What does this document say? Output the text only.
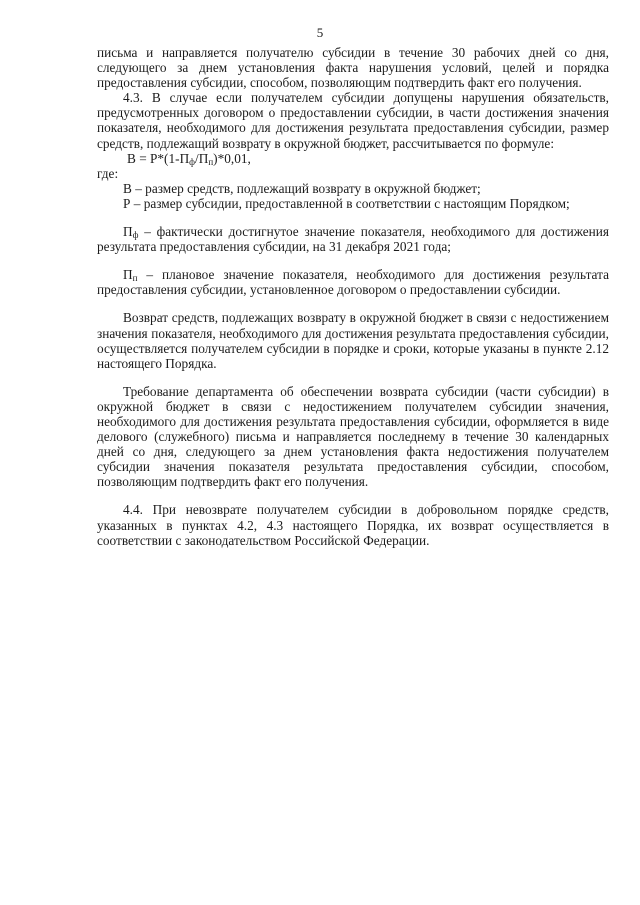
5

письма и направляется получателю субсидии в течение 30 рабочих дней со дня, следующего за днем установления факта нарушения условий, целей и порядка предоставления субсидии, способом, позволяющим подтвердить факт его получения.

4.3. В случае если получателем субсидии допущены нарушения обязательств, предусмотренных договором о предоставлении субсидии, в части достижения значения показателя, необходимого для достижения результата предоставления субсидии, размер средств, подлежащий возврату в окружной бюджет, рассчитывается по формуле:

$В = Р*(1-П_ф/П_п)*0,01$,

где:

В – размер средств, подлежащий возврату в окружной бюджет;

Р – размер субсидии, предоставленной в соответствии с настоящим Порядком;

$П_ф$ – фактически достигнутое значение показателя, необходимого для достижения результата предоставления субсидии, на 31 декабря 2021 года;

$П_п$ – плановое значение показателя, необходимого для достижения результата предоставления субсидии, установленное договором о предоставлении субсидии.

Возврат средств, подлежащих возврату в окружной бюджет в связи с недостижением значения показателя, необходимого для достижения результата предоставления субсидии, осуществляется получателем субсидии в порядке и сроки, которые указаны в пункте 2.12 настоящего Порядка.

Требование департамента об обеспечении возврата субсидии (части субсидии) в окружной бюджет в связи с недостижением получателем субсидии значения, необходимого для достижения результата предоставления субсидии, оформляется в виде делового (служебного) письма и направляется последнему в течение 30 календарных дней со дня, следующего за днем установления факта недостижения получателем субсидии значения показателя результата предоставления субсидии, способом, позволяющим подтвердить факт его получения.

4.4. При невозврате получателем субсидии в добровольном порядке средств, указанных в пунктах 4.2, 4.3 настоящего Порядка, их возврат осуществляется в соответствии с законодательством Российской Федерации.
